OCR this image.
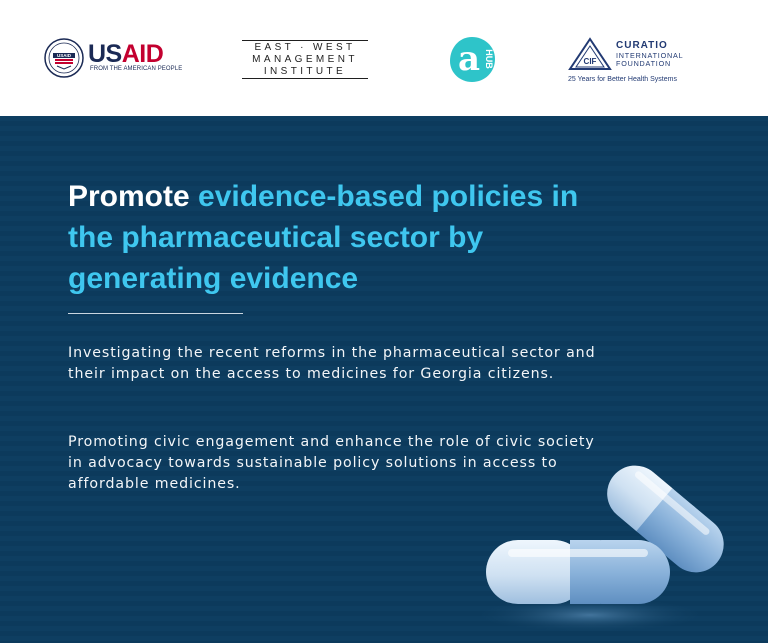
USAID USAID
FROM THE AMERICAN PEOPLE
EAST · WEST
MANAGEMENT
INSTITUTE	a HUB	CIF
CURATIO
INTERNATIONAL
FOUNDATION
25 Years for Better Health Systems
Promote evidence-based policies in the pharmaceutical sector by generating evidence

Investigating the recent reforms in the pharmaceutical sector and their impact on the access to medicines for Georgia citizens.

Promoting civic engagement and enhance the role of civic society in advocacy towards sustainable policy solutions in access to affordable medicines.
